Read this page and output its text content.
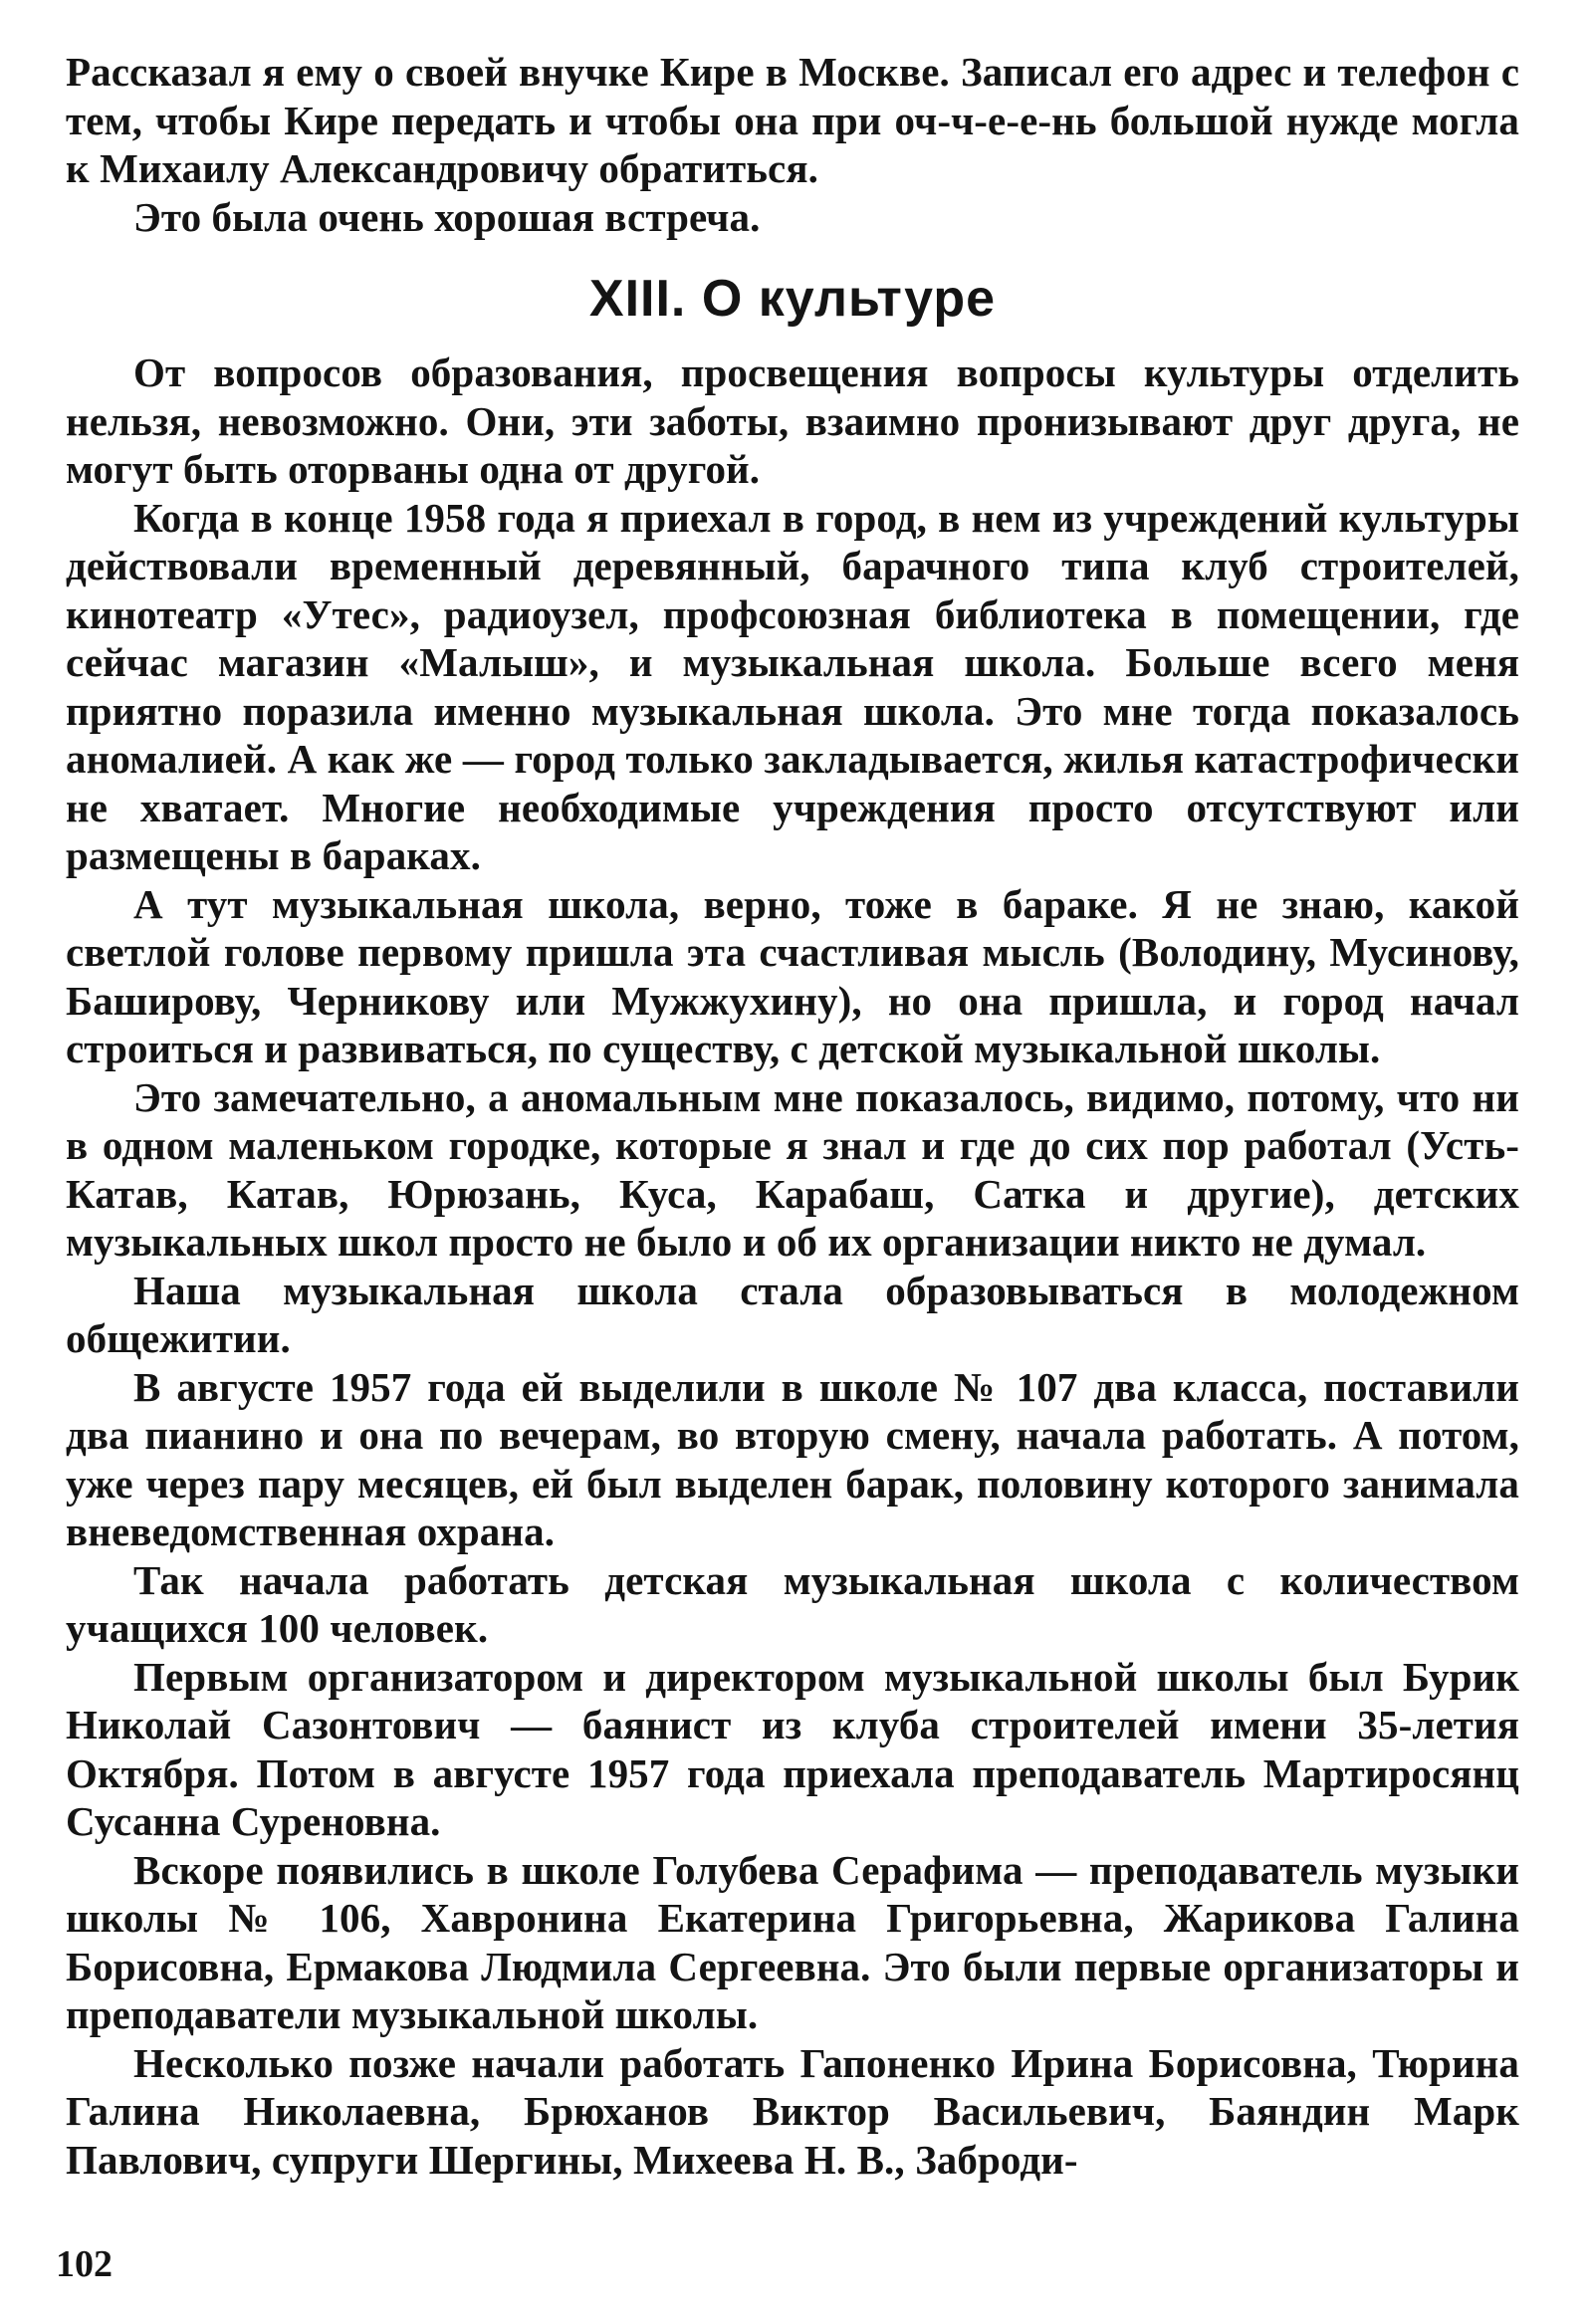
Рассказал я ему о своей внучке Кире в Москве. Записал его адрес и телефон с тем, чтобы Кире передать и чтобы она при оч-ч-е-е-нь большой нужде могла к Михаилу Александровичу обратиться.

Это была очень хорошая встреча.

XIII. О культуре

От вопросов образования, просвещения вопросы культуры отделить нельзя, невозможно. Они, эти заботы, взаимно пронизывают друг друга, не могут быть оторваны одна от другой.

Когда в конце 1958 года я приехал в город, в нем из учреждений культуры действовали временный деревянный, барачного типа клуб строителей, кинотеатр «Утес», радиоузел, профсоюзная библиотека в помещении, где сейчас магазин «Малыш», и музыкальная школа. Больше всего меня приятно поразила именно музыкальная школа. Это мне тогда показалось аномалией. А как же — город только закладывается, жилья катастрофически не хватает. Многие необходимые учреждения просто отсутствуют или размещены в бараках.

А тут музыкальная школа, верно, тоже в бараке. Я не знаю, какой светлой голове первому пришла эта счастливая мысль (Володину, Мусинову, Баширову, Черникову или Мужжухину), но она пришла, и город начал строиться и развиваться, по существу, с детской музыкальной школы.

Это замечательно, а аномальным мне показалось, видимо, потому, что ни в одном маленьком городке, которые я знал и где до сих пор работал (Усть-Катав, Катав, Юрюзань, Куса, Карабаш, Сатка и другие), детских музыкальных школ просто не было и об их организации никто не думал.

Наша музыкальная школа стала образовываться в молодежном общежитии.

В августе 1957 года ей выделили в школе № 107 два класса, поставили два пианино и она по вечерам, во вторую смену, начала работать. А потом, уже через пару месяцев, ей был выделен барак, половину которого занимала вневедомственная охрана.

Так начала работать детская музыкальная школа с количеством учащихся 100 человек.

Первым организатором и директором музыкальной школы был Бурик Николай Сазонтович — баянист из клуба строителей имени 35-летия Октября. Потом в августе 1957 года приехала преподаватель Мартиросянц Сусанна Суреновна.

Вскоре появились в школе Голубева Серафима — преподаватель музыки школы № 106, Хавронина Екатерина Григорьевна, Жарикова Галина Борисовна, Ермакова Людмила Сергеевна. Это были первые организаторы и преподаватели музыкальной школы.

Несколько позже начали работать Гапоненко Ирина Борисовна, Тюрина Галина Николаевна, Брюханов Виктор Васильевич, Баяндин Марк Павлович, супруги Шергины, Михеева Н. В., Заброди-

102
